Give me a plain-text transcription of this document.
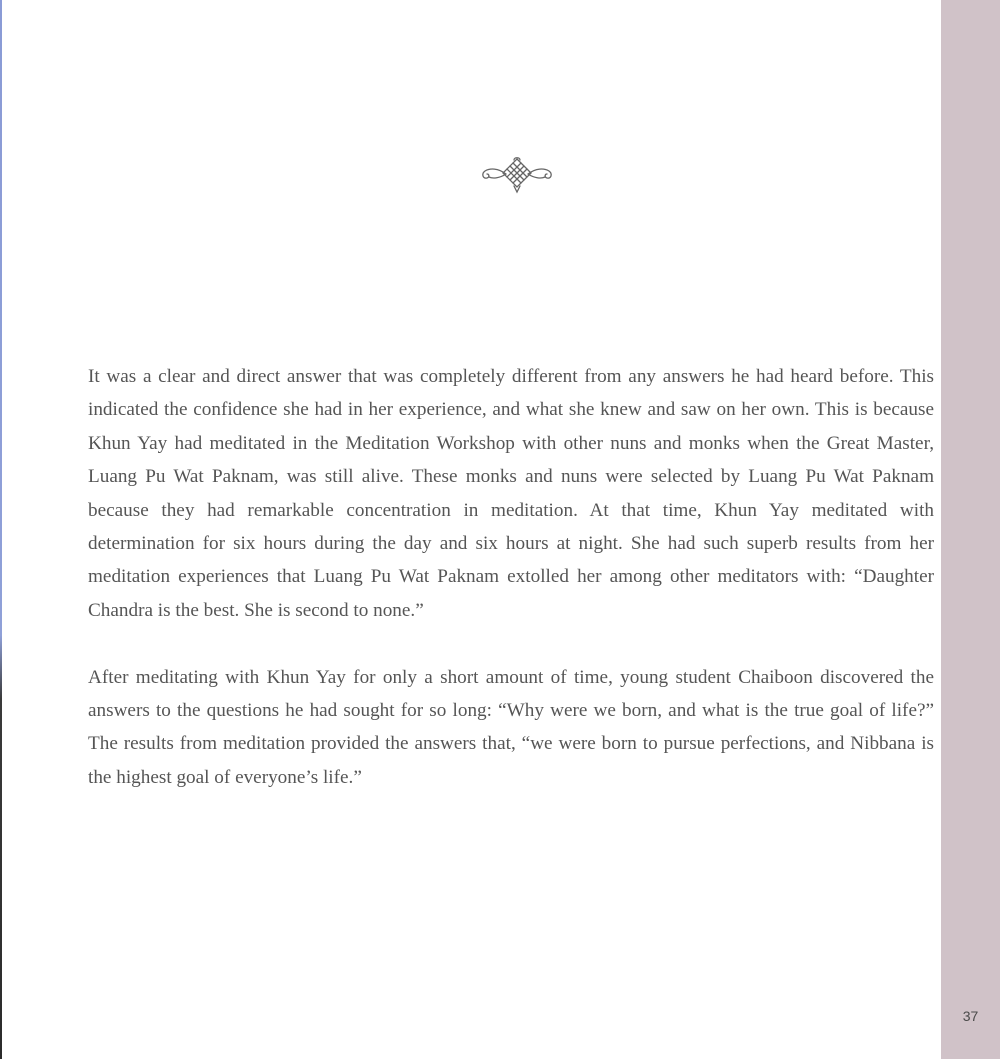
It was a clear and direct answer that was completely different from any answers he had heard before. This indicated the confidence she had in her experience, and what she knew and saw on her own. This is because Khun Yay had meditated in the Meditation Workshop with other nuns and monks when the Great Master, Luang Pu Wat Paknam, was still alive. These monks and nuns were selected by Luang Pu Wat Paknam because they had remarkable concentration in meditation. At that time, Khun Yay meditated with determination for six hours during the day and six hours at night. She had such superb results from her meditation experiences that Luang Pu Wat Paknam extolled her among other meditators with: “Daughter Chandra is the best. She is second to none.”

After meditating with Khun Yay for only a short amount of time, young student Chaiboon discovered the answers to the questions he had sought for so long: “Why were we born, and what is the true goal of life?” The results from meditation provided the answers that, “we were born to pursue perfections, and Nibbana is the highest goal of everyone’s life.”

37
